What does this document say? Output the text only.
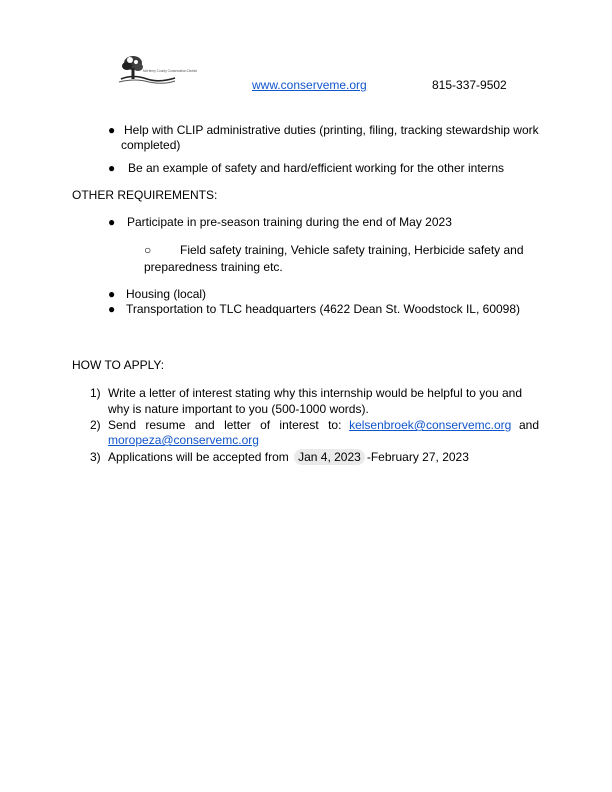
McHenry County Conservation District
www.conserveme.org	815-337-9502
● Help with CLIP administrative duties (printing, filing, tracking stewardship work
completed)
● Be an example of safety and hard/efficient working for the other interns
OTHER REQUIREMENTS:
● Participate in pre-season training during the end of May 2023
○ Field safety training, Vehicle safety training, Herbicide safety and
preparedness training etc.
● Housing (local)
● Transportation to TLC headquarters (4622 Dean St. Woodstock IL, 60098)
HOW TO APPLY:
1) Write a letter of interest stating why this internship would be helpful to you and
why is nature important to you (500-1000 words).
2) Send resume and letter of interest to: kelsenbroek@conservemc.org and
moropeza@conservemc.org
3) Applications will be accepted from Jan 4, 2023 -February 27, 2023
